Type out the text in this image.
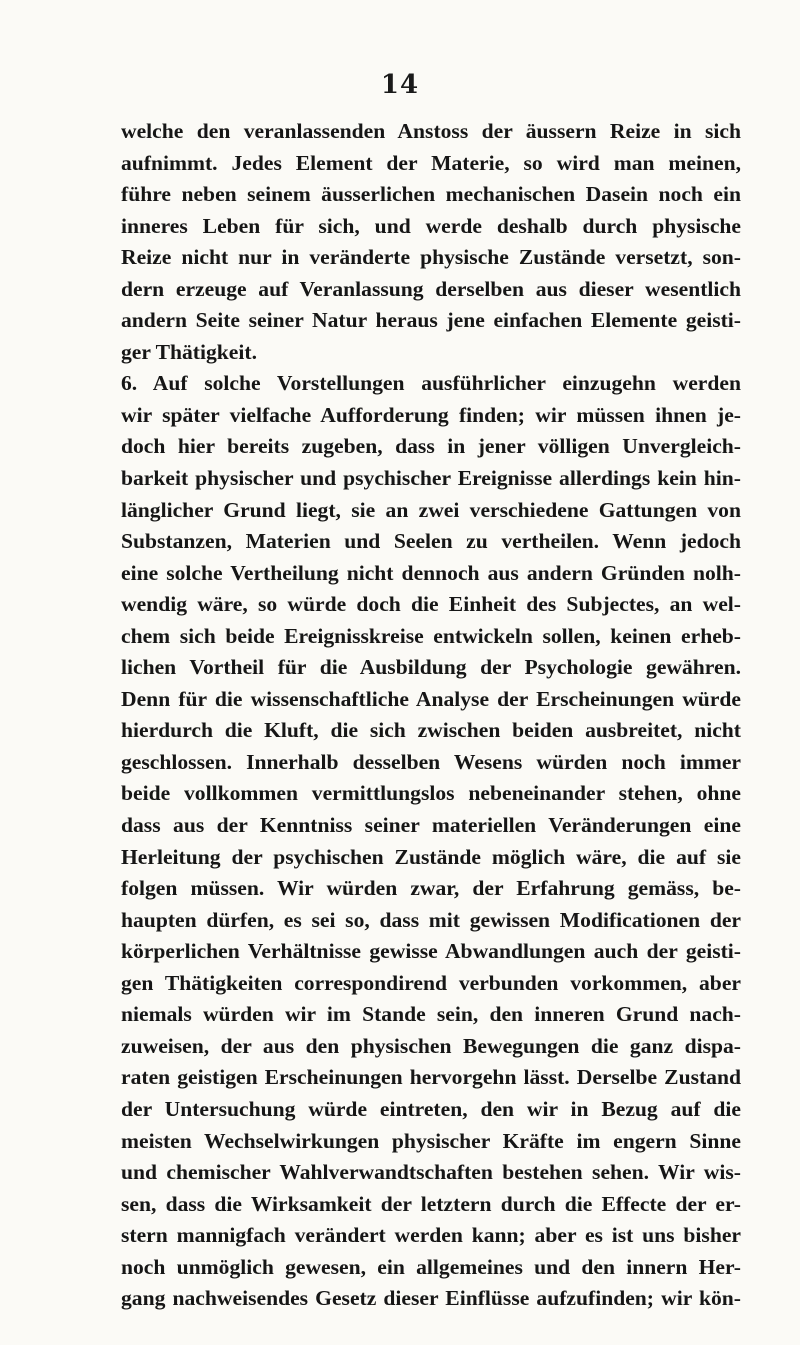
14
welche den veranlassenden Anstoss der äussern Reize in sich
aufnimmt. Jedes Element der Materie, so wird man meinen,
führe neben seinem äusserlichen mechanischen Dasein noch ein
inneres Leben für sich, und werde deshalb durch physische
Reize nicht nur in veränderte physische Zustände versetzt, son-
dern erzeuge auf Veranlassung derselben aus dieser wesentlich
andern Seite seiner Natur heraus jene einfachen Elemente geisti-
ger Thätigkeit.
6. Auf solche Vorstellungen ausführlicher einzugehn werden
wir später vielfache Aufforderung finden; wir müssen ihnen je-
doch hier bereits zugeben, dass in jener völligen Unvergleich-
barkeit physischer und psychischer Ereignisse allerdings kein hin-
länglicher Grund liegt, sie an zwei verschiedene Gattungen von
Substanzen, Materien und Seelen zu vertheilen. Wenn jedoch
eine solche Vertheilung nicht dennoch aus andern Gründen nolh-
wendig wäre, so würde doch die Einheit des Subjectes, an wel-
chem sich beide Ereignisskreise entwickeln sollen, keinen erheb-
lichen Vortheil für die Ausbildung der Psychologie gewähren.
Denn für die wissenschaftliche Analyse der Erscheinungen würde
hierdurch die Kluft, die sich zwischen beiden ausbreitet, nicht
geschlossen. Innerhalb desselben Wesens würden noch immer
beide vollkommen vermittlungslos nebeneinander stehen, ohne
dass aus der Kenntniss seiner materiellen Veränderungen eine
Herleitung der psychischen Zustände möglich wäre, die auf sie
folgen müssen. Wir würden zwar, der Erfahrung gemäss, be-
haupten dürfen, es sei so, dass mit gewissen Modificationen der
körperlichen Verhältnisse gewisse Abwandlungen auch der geisti-
gen Thätigkeiten correspondirend verbunden vorkommen, aber
niemals würden wir im Stande sein, den inneren Grund nach-
zuweisen, der aus den physischen Bewegungen die ganz dispa-
raten geistigen Erscheinungen hervorgehn lässt. Derselbe Zustand
der Untersuchung würde eintreten, den wir in Bezug auf die
meisten Wechselwirkungen physischer Kräfte im engern Sinne
und chemischer Wahlverwandtschaften bestehen sehen. Wir wis-
sen, dass die Wirksamkeit der letztern durch die Effecte der er-
stern mannigfach verändert werden kann; aber es ist uns bisher
noch unmöglich gewesen, ein allgemeines und den innern Her-
gang nachweisendes Gesetz dieser Einflüsse aufzufinden; wir kön-
